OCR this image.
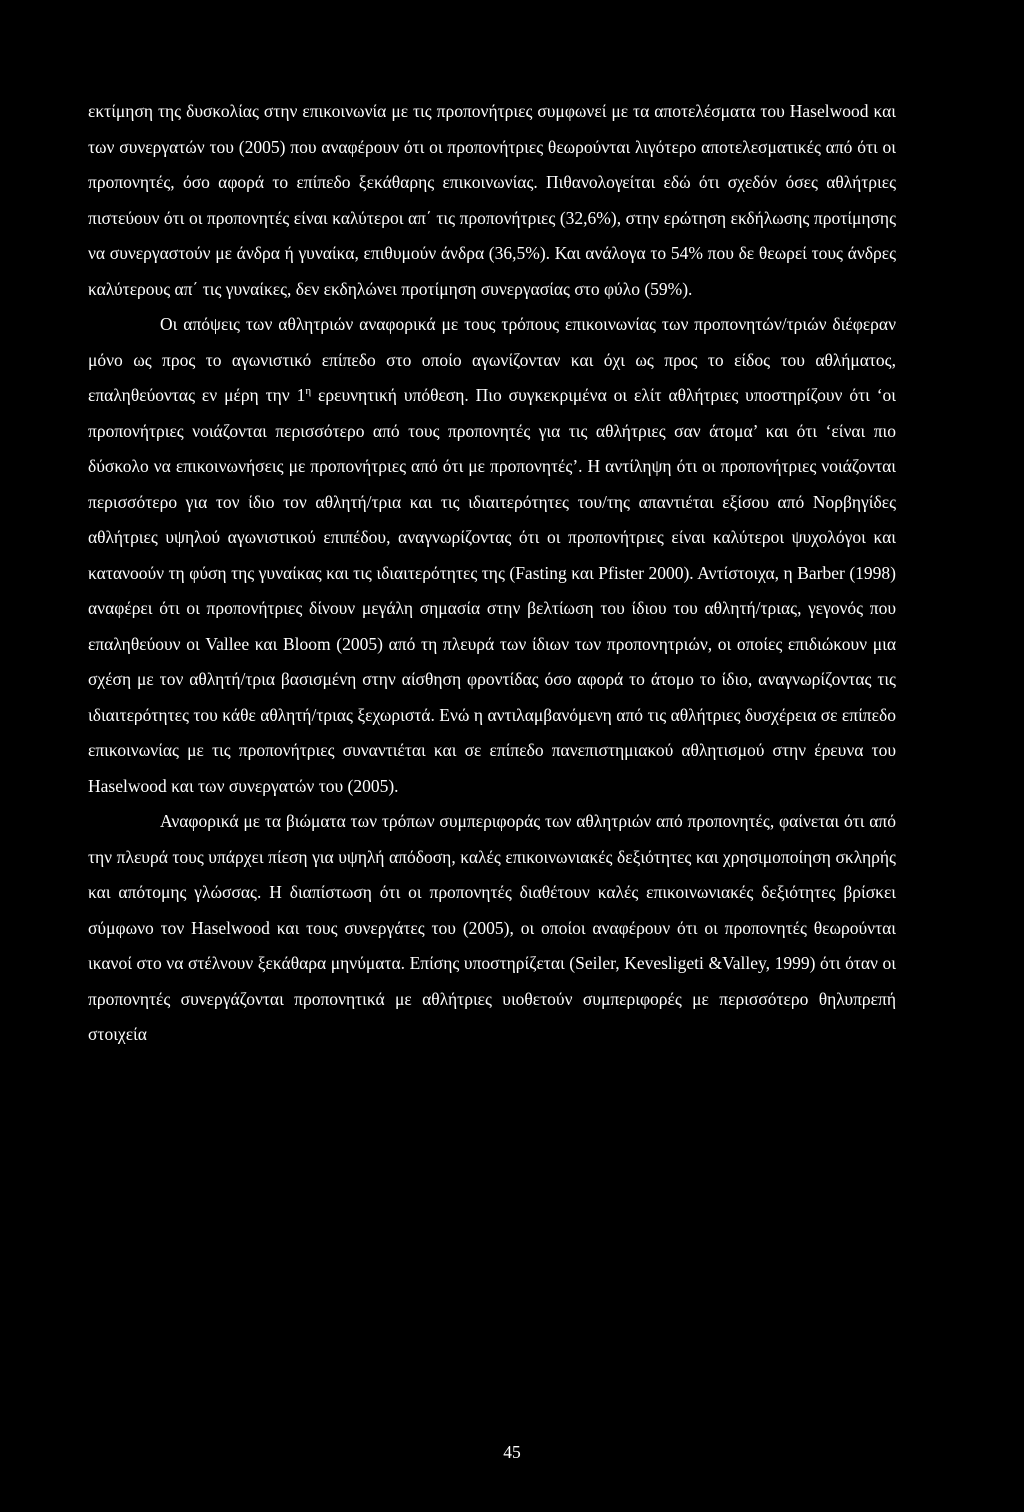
εκτίμηση της δυσκολίας στην επικοινωνία με τις προπονήτριες συμφωνεί με τα αποτελέσματα του Haselwood και των συνεργατών του (2005) που αναφέρουν ότι οι προπονήτριες θεωρούνται λιγότερο αποτελεσματικές από ότι οι προπονητές, όσο αφορά το επίπεδο ξεκάθαρης επικοινωνίας. Πιθανολογείται εδώ ότι σχεδόν όσες αθλήτριες πιστεύουν ότι οι προπονητές είναι καλύτεροι απ΄ τις προπονήτριες (32,6%), στην ερώτηση εκδήλωσης προτίμησης να συνεργαστούν με άνδρα ή γυναίκα, επιθυμούν άνδρα (36,5%). Και ανάλογα το 54% που δε θεωρεί τους άνδρες καλύτερους απ΄ τις γυναίκες, δεν εκδηλώνει προτίμηση συνεργασίας στο φύλο (59%).

Οι απόψεις των αθλητριών αναφορικά με τους τρόπους επικοινωνίας των προπονητών/τριών διέφεραν μόνο ως προς το αγωνιστικό επίπεδο στο οποίο αγωνίζονταν και όχι ως προς το είδος του αθλήματος, επαληθεύοντας εν μέρη την $1^\eta$ ερευνητική υπόθεση. Πιο συγκεκριμένα οι ελίτ αθλήτριες υποστηρίζουν ότι ‘οι προπονήτριες νοιάζονται περισσότερο από τους προπονητές για τις αθλήτριες σαν άτομα’ και ότι ‘είναι πιο δύσκολο να επικοινωνήσεις με προπονήτριες από ότι με προπονητές’. Η αντίληψη ότι οι προπονήτριες νοιάζονται περισσότερο για τον ίδιο τον αθλητή/τρια και τις ιδιαιτερότητες του/της απαντιέται εξίσου από Νορβηγίδες αθλήτριες υψηλού αγωνιστικού επιπέδου, αναγνωρίζοντας ότι οι προπονήτριες είναι καλύτεροι ψυχολόγοι και κατανοούν τη φύση της γυναίκας και τις ιδιαιτερότητες της (Fasting και Pfister 2000). Αντίστοιχα, η Barber (1998) αναφέρει ότι οι προπονήτριες δίνουν μεγάλη σημασία στην βελτίωση του ίδιου του αθλητή/τριας, γεγονός που επαληθεύουν οι Vallee και Bloom (2005) από τη πλευρά των ίδιων των προπονητριών, οι οποίες επιδιώκουν μια σχέση με τον αθλητή/τρια βασισμένη στην αίσθηση φροντίδας όσο αφορά το άτομο το ίδιο, αναγνωρίζοντας τις ιδιαιτερότητες του κάθε αθλητή/τριας ξεχωριστά. Ενώ η αντιλαμβανόμενη από τις αθλήτριες δυσχέρεια σε επίπεδο επικοινωνίας με τις προπονήτριες συναντιέται και σε επίπεδο πανεπιστημιακού αθλητισμού στην έρευνα του Haselwood και των συνεργατών του (2005).

Αναφορικά με τα βιώματα των τρόπων συμπεριφοράς των αθλητριών από προπονητές, φαίνεται ότι από την πλευρά τους υπάρχει πίεση για υψηλή απόδοση, καλές επικοινωνιακές δεξιότητες και χρησιμοποίηση σκληρής και απότομης γλώσσας. Η διαπίστωση ότι οι προπονητές διαθέτουν καλές επικοινωνιακές δεξιότητες βρίσκει σύμφωνο τον Haselwood και τους συνεργάτες του (2005), οι οποίοι αναφέρουν ότι οι προπονητές θεωρούνται ικανοί στο να στέλνουν ξεκάθαρα μηνύματα. Επίσης υποστηρίζεται (Seiler, Kevesligeti &Valley, 1999) ότι όταν οι προπονητές συνεργάζονται προπονητικά με αθλήτριες υιοθετούν συμπεριφορές με περισσότερο θηλυπρεπή στοιχεία

45
